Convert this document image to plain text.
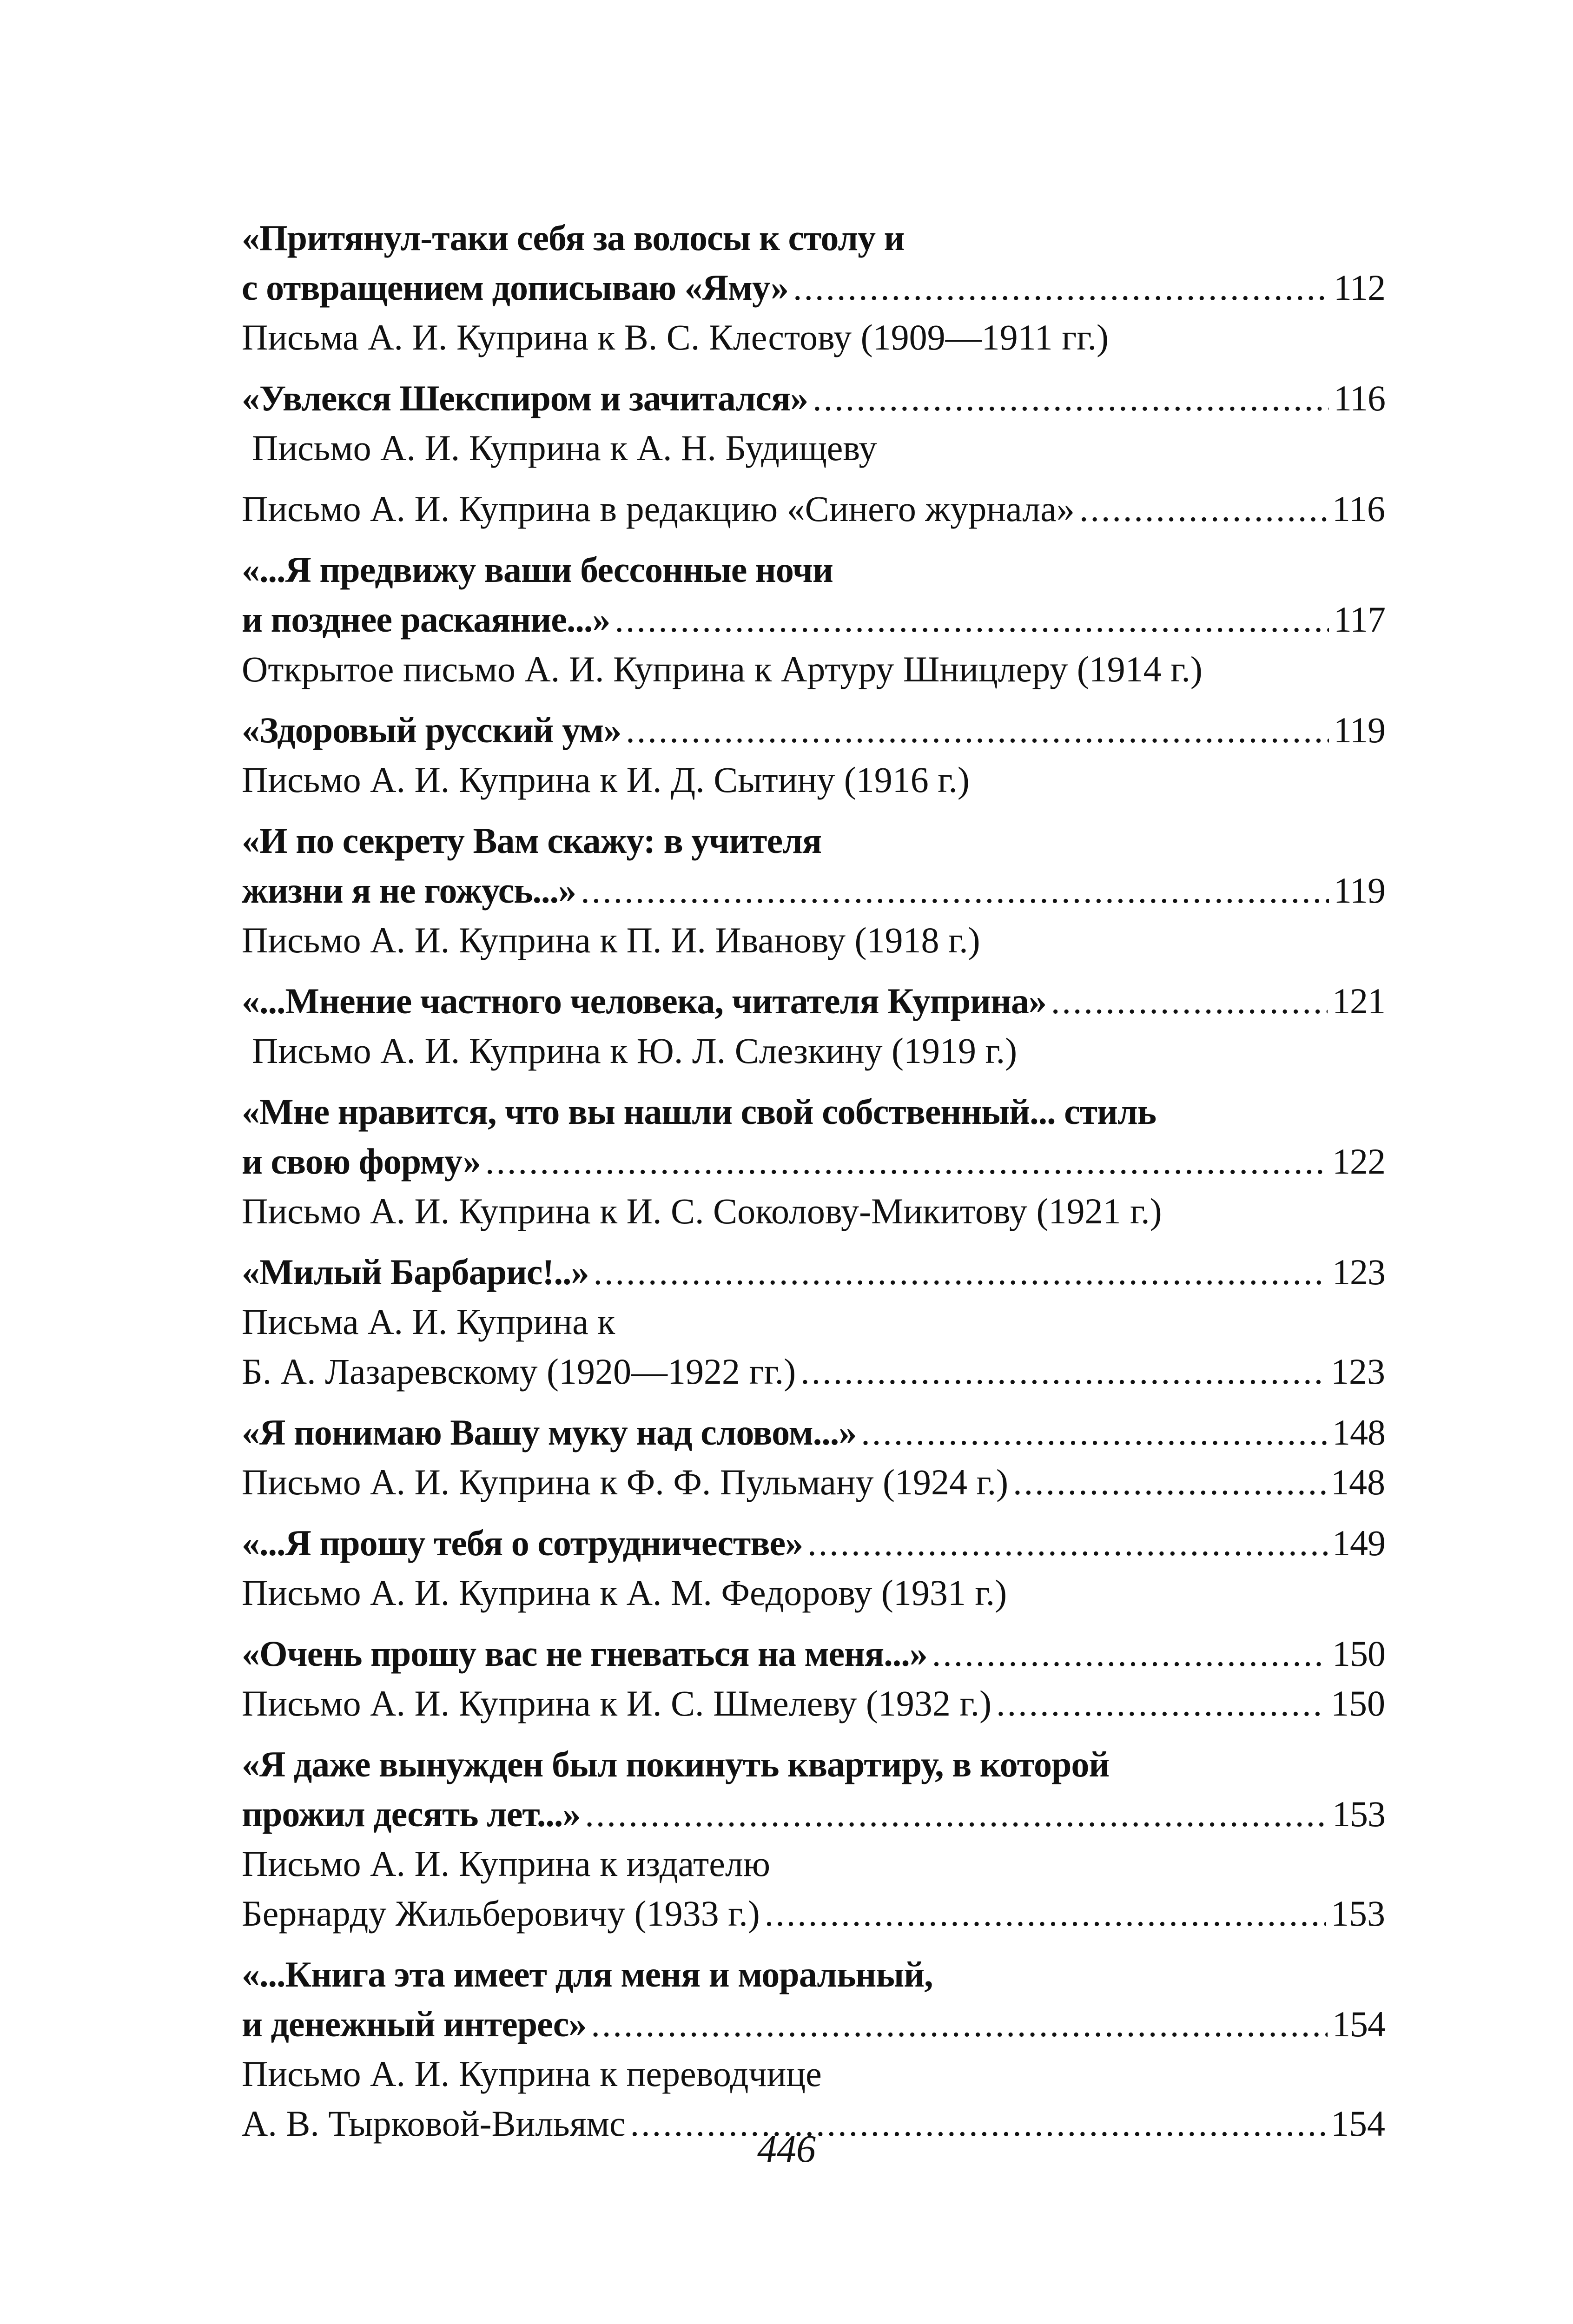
«Притянул-таки себя за волосы к столу и
с отвращением дописываю «Яму» .....	112
Письма А. И. Куприна к В. С. Клестову (1909—1911 гг.)
«Увлекся Шекспиром и зачитался» .....	116
Письмо А. И. Куприна к А. Н. Будищеву
Письмо А. И. Куприна в редакцию «Синего журнала» .....	116
«...Я предвижу ваши бессонные ночи
и позднее раскаяние...» .....	117
Открытое письмо А. И. Куприна к Артуру Шницлеру (1914 г.)
«Здоровый русский ум» .....	119
Письмо А. И. Куприна к И. Д. Сытину (1916 г.)
«И по секрету Вам скажу: в учителя
жизни я не гожусь...» .....	119
Письмо А. И. Куприна к П. И. Иванову (1918 г.)
«...Мнение частного человека, читателя Куприна» .....	121
Письмо А. И. Куприна к Ю. Л. Слезкину (1919 г.)
«Мне нравится, что вы нашли свой собственный... стиль
и свою форму» .....	122
Письмо А. И. Куприна к И. С. Соколову-Микитову (1921 г.)
«Милый Барбарис!..» .....	123
Письма А. И. Куприна к
Б. А. Лазаревскому (1920—1922 гг.) .....	123
«Я понимаю Вашу муку над словом...» .....	148
Письмо А. И. Куприна к Ф. Ф. Пульману (1924 г.) .....	148
«...Я прошу тебя о сотрудничестве» .....	149
Письмо А. И. Куприна к А. М. Федорову (1931 г.)
«Очень прошу вас не гневаться на меня...» .....	150
Письмо А. И. Куприна к И. С. Шмелеву (1932 г.) .....	150
«Я даже вынужден был покинуть квартиру, в которой
прожил десять лет...» .....	153
Письмо А. И. Куприна к издателю
Бернарду Жильберовичу (1933 г.) .....	153
«...Книга эта имеет для меня и моральный,
и денежный интерес» .....	154
Письмо А. И. Куприна к переводчице
А. В. Тырковой-Вильямс .....	154
446
